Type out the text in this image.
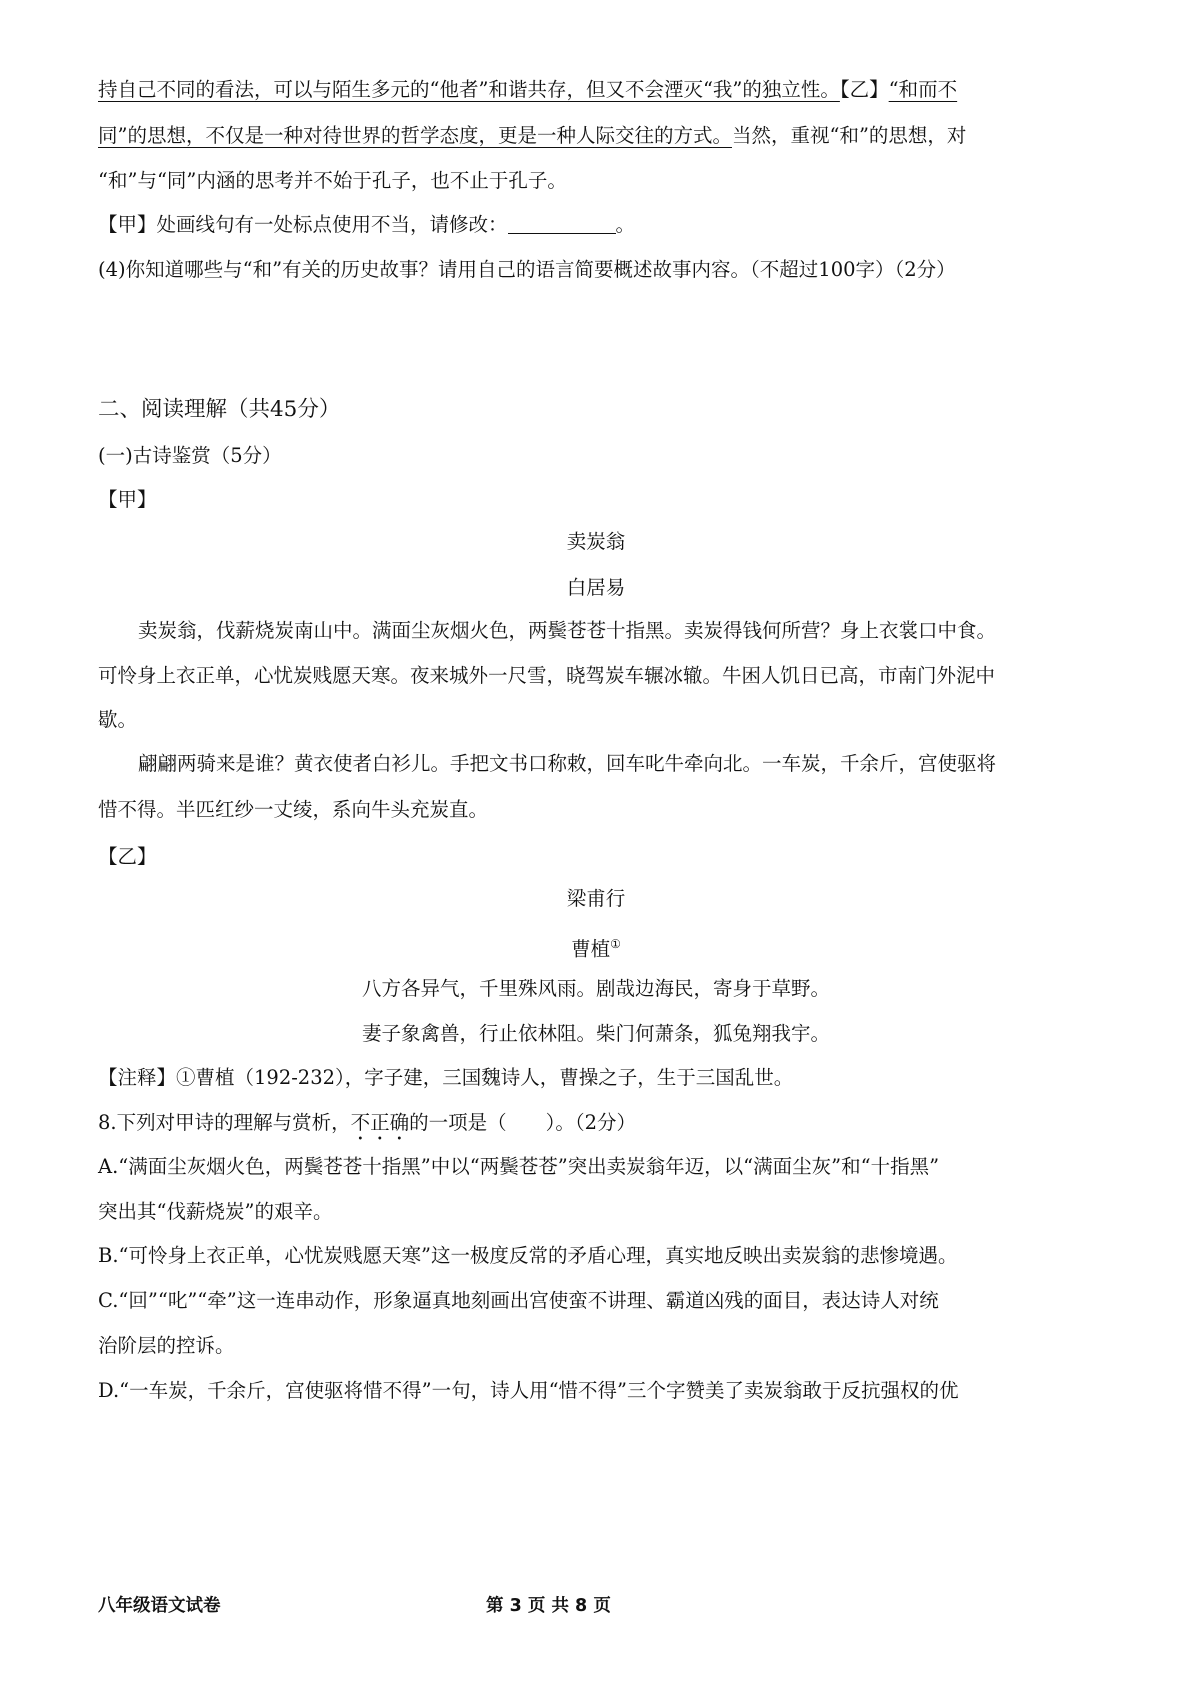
持自己不同的看法，可以与陌生多元的“他者”和谐共存，但又不会湮灭“我”的独立性。【乙】“和而不
同”的思想，不仅是一种对待世界的哲学态度，更是一种人际交往的方式。当然，重视“和”的思想，对
“和”与“同”内涵的思考并不始于孔子，也不止于孔子。
【甲】处画线句有一处标点使用不当，请修改：	。
(4)你知道哪些与“和”有关的历史故事？请用自己的语言简要概述故事内容。（不超过100字）（2分）
二、阅读理解（共45分）
(一)古诗鉴赏（5分）
【甲】
卖炭翁
白居易
卖炭翁，伐薪烧炭南山中。满面尘灰烟火色，两鬓苍苍十指黑。卖炭得钱何所营？身上衣裳口中食。
可怜身上衣正单，心忧炭贱愿天寒。夜来城外一尺雪，晓驾炭车辗冰辙。牛困人饥日已高，市南门外泥中
歇。
翩翩两骑来是谁？黄衣使者白衫儿。手把文书口称敕，回车叱牛牵向北。一车炭，千余斤，宫使驱将
惜不得。半匹红纱一丈绫，系向牛头充炭直。
【乙】
梁甫行
曹植①
八方各异气，千里殊风雨。剧哉边海民，寄身于草野。
妻子象禽兽，行止依林阻。柴门何萧条，狐兔翔我宇。
【注释】①曹植（192-232），字子建，三国魏诗人，曹操之子，生于三国乱世。
8.下列对甲诗的理解与赏析，不正确的一项是（　　）。（2分）
A.“满面尘灰烟火色，两鬓苍苍十指黑”中以“两鬓苍苍”突出卖炭翁年迈，以“满面尘灰”和“十指黑”
突出其“伐薪烧炭”的艰辛。
B.“可怜身上衣正单，心忧炭贱愿天寒”这一极度反常的矛盾心理，真实地反映出卖炭翁的悲惨境遇。
C.“回”“叱”“牵”这一连串动作，形象逼真地刻画出宫使蛮不讲理、霸道凶残的面目，表达诗人对统
治阶层的控诉。
D.“一车炭，千余斤，宫使驱将惜不得”一句，诗人用“惜不得”三个字赞美了卖炭翁敢于反抗强权的优
八年级语文试卷	第 3 页 共 8 页
